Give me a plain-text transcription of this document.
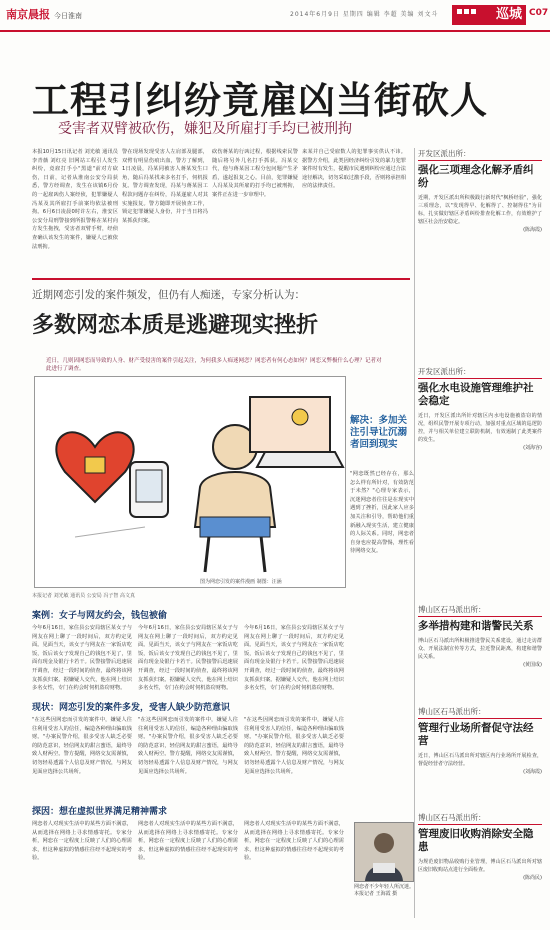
南京晨报 今日淮南	2014年6月9日 星期四 编辑 李超 美编 刘文斗	巡城 C07
工程引纠纷竟雇凶当街砍人
受害者双臂被砍伤，嫌犯及所雇打手均已被刑拘
本报10月15日讯记者 刘光敏 通讯员 李青薇 刘红亮 旧网站工程引人发生纠纷，竟雇打手小"黑道"前对方砍伤，日前，记者从淮南公安分局获悉，警方经调查，发生在该镇6月份的一起雇凶伤人案经侦，犯罪嫌疑人冯某及其所雇打手前案均依法被刑拘。6月6日凌晨0时许左右，淮安区公安分局刑警接到所报警称在某村向方发生拖拽，受害者双臂手臂，经侦查确认该发生的案件，嫌疑人已被依法刑拘。
警在现场发现受害人左肩部及腿部，双臂有明显伤痕出血，警方了解到，1日凌晨，冯某同被害人蒋某发生口角，随后冯某找来多名打手，伺机报复。警方调查发现，冯某与蒋某因工程款问题存在纠纷，冯某遂雇人对其实施报复。警方随即开展侦查工作，锁定犯罪嫌疑人身份，并于当日将冯某抓获归案。
砍伤蒋某的行凶过程，根据线索民警随后将另外几名打手抓获。冯某交代，他与蒋某因工程分包问题产生矛盾，遂起报复之心。目前，犯罪嫌疑人冯某及其所雇的打手均已被刑拘，案件正在进一步审理中。
来某并自己受雇数人的犯罪事实供认不讳。 据警方介绍，此类因经济纠纷引发的暴力犯罪案件时有发生，提醒市民遇到纠纷应通过合法途径解决，切勿采取过激手段，否则将承担相应的法律责任。
近期网恋引发的案件频发，但仍有人痴迷，专家分析认为：
多数网恋本质是逃避现实挫折
近日，几则因网恋而导致的人身、财产受侵害的案件引起关注，为何我多人痴迷网恋？网恋者有何心态如何？网恋又弊极什么心理？记者对此进行了调查。
图为网恋引发的案件漫画 制图：汪涵
本报记者 刘光敏 通讯员 公安局 冯子智 高文真
案例：女子与网友约会，钱包被偷
今年6月16日，家住县公安局辖区某女子与网友在网上聊了一段时间后，双方约定见面。见面当天，该女子与网友在一家饭店吃饭，饭后该女子发现自己的钱包不见了，里面有现金及银行卡若干。民警接警后迅速展开调查，经过一段时间的侦查，最终将该网友抓获归案。据嫌疑人交代，他在网上结识多名女性，专门在约会时伺机盗窃财物。
今年6月16日，家住县公安局辖区某女子与网友在网上聊了一段时间后，双方约定见面。见面当天，该女子与网友在一家饭店吃饭，饭后该女子发现自己的钱包不见了，里面有现金及银行卡若干。民警接警后迅速展开调查，经过一段时间的侦查，最终将该网友抓获归案。据嫌疑人交代，他在网上结识多名女性，专门在约会时伺机盗窃财物。
今年6月16日，家住县公安局辖区某女子与网友在网上聊了一段时间后，双方约定见面。见面当天，该女子与网友在一家饭店吃饭，饭后该女子发现自己的钱包不见了，里面有现金及银行卡若干。民警接警后迅速展开调查，经过一段时间的侦查，最终将该网友抓获归案。据嫌疑人交代，他在网上结识多名女性，专门在约会时伺机盗窃财物。
现状：网恋引发的案件多发，受害人缺少防范意识
"在这些因网恋而引发的案件中，嫌疑人往往利用受害人的信任，编造各种理由骗取钱财。"办案民警介绍，很多受害人缺乏必要的防范意识，轻信网友的甜言蜜语，最终导致人财两空。警方提醒，网络交友需谨慎，切勿轻易透露个人信息及财产情况，与网友见面应选择公共场所。
"在这些因网恋而引发的案件中，嫌疑人往往利用受害人的信任，编造各种理由骗取钱财。"办案民警介绍，很多受害人缺乏必要的防范意识，轻信网友的甜言蜜语，最终导致人财两空。警方提醒，网络交友需谨慎，切勿轻易透露个人信息及财产情况，与网友见面应选择公共场所。
"在这些因网恋而引发的案件中，嫌疑人往往利用受害人的信任，编造各种理由骗取钱财。"办案民警介绍，很多受害人缺乏必要的防范意识，轻信网友的甜言蜜语，最终导致人财两空。警方提醒，网络交友需谨慎，切勿轻易透露个人信息及财产情况，与网友见面应选择公共场所。
探因：想在虚拟世界满足精神需求
网恋者人对现实生活中的某些方面不满意，从而选择在网络上寻求情感寄托。专家分析，网恋在一定程度上反映了人们的心理需求，但这种虚拟的情感往往经不起现实的考验。
网恋者人对现实生活中的某些方面不满意，从而选择在网络上寻求情感寄托。专家分析，网恋在一定程度上反映了人们的心理需求，但这种虚拟的情感往往经不起现实的考验。
网恋者人对现实生活中的某些方面不满意，从而选择在网络上寻求情感寄托。专家分析，网恋在一定程度上反映了人们的心理需求，但这种虚拟的情感往往经不起现实的考验。
解决：多加关注引导让沉溺者回到现实
"网恋既然已经存在，那么怎么样有所针对，有效防范于未然？"心理专家表示，沉迷网恋者往往是在现实中遇到了挫折，因此家人应多加关注和引导，帮助他们重新融入现实生活，建立健康的人际关系。同时，网恋者自身也应提高警惕，理性看待网络交友。
网恋者不少年轻人所沉迷。 本报记者 王海霞 摄
开发区派出所：
强化三项理念化解矛盾纠纷
近期，开发区派出所积极践行新时代"枫桥经验"，强化三项理念，以"发现得早、化解得了、控制得住"为目标，扎实做好辖区矛盾纠纷排查化解工作，有效维护了辖区社会治安稳定。
(陈海霞)
开发区派出所：
强化水电设施管理维护社会稳定
近日，开发区派出所针对辖区内水电设施被盗窃的情况，组织民警开展专项行动，加强对重点区域的巡逻防控，并与相关单位建立联防机制，有效遏制了此类案件的发生。
(刘海容)
博山区石马派出所：
多举措构建和谐警民关系
博山区石马派出所积极推进警民关系建设，通过走访群众、开展法制宣传等方式，拉近警民距离，构建和谐警民关系。
(黄国成)
博山区石马派出所：
管理行业场所督促守法经营
近日，博山区石马派出所对辖区内行业场所开展检查，督促经营者守法经营。
(刘海霞)
博山区石马派出所：
管理废旧收购消除安全隐患
为规范废旧物品收购行业管理，博山区石马派出所对辖区废旧收购站点进行全面检查。
(陈尚民)
